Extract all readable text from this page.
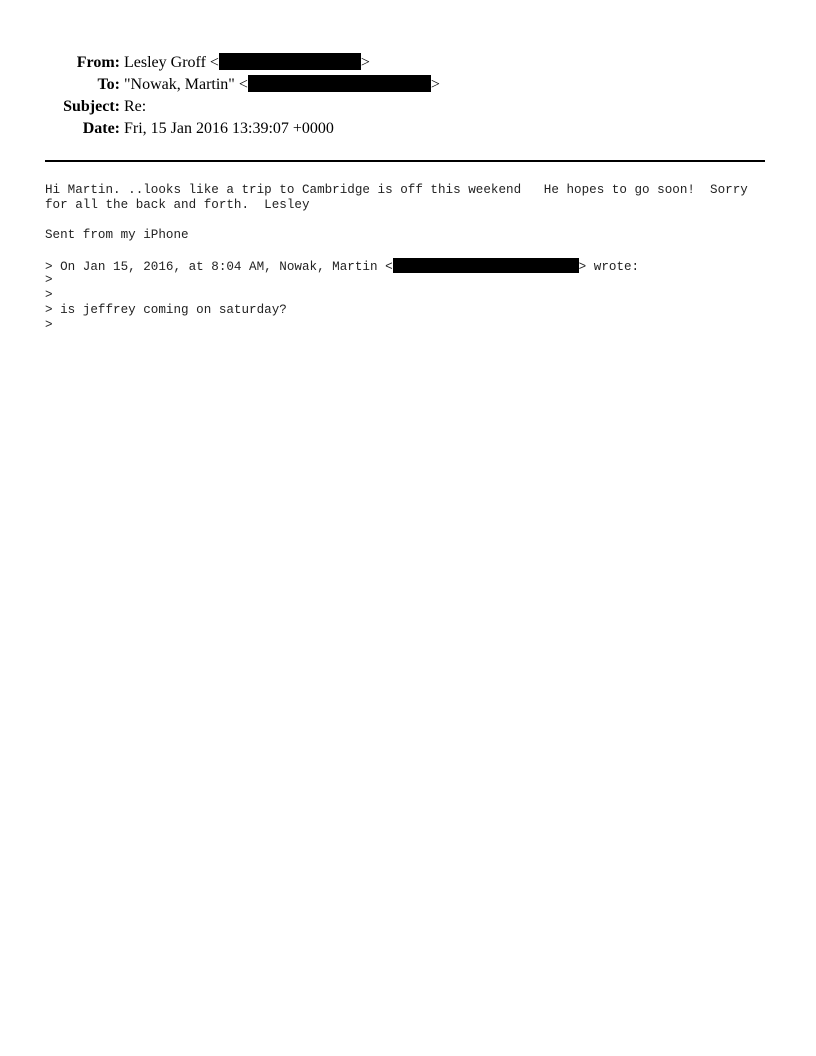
From: Lesley Groff <	>
To: "Nowak, Martin" <	>
Subject: Re:
Date: Fri, 15 Jan 2016 13:39:07 +0000
Hi Martin. ..looks like a trip to Cambridge is off this weekend   He hopes to go soon!  Sorry
for all the back and forth.  Lesley
Sent from my iPhone
> On Jan 15, 2016, at 8:04 AM, Nowak, Martin <	> wrote:
>
>
> is jeffrey coming on saturday?
>
